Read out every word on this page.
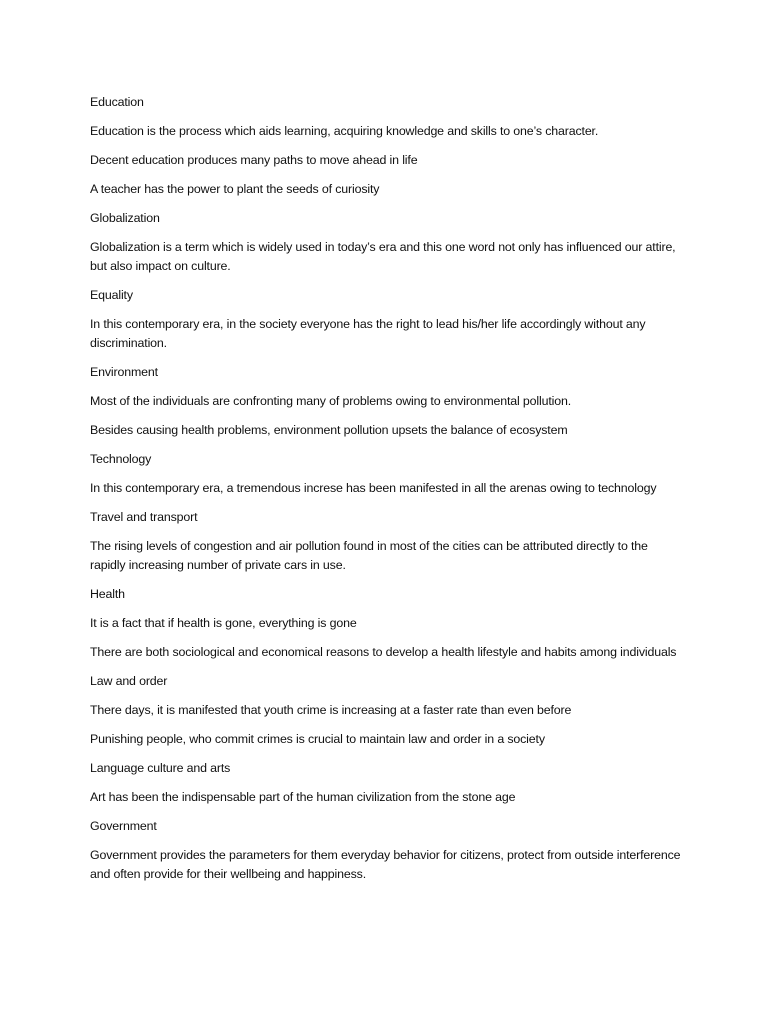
Education

Education is the process which aids learning, acquiring knowledge and skills to one’s character.

Decent education produces many paths to move ahead in life

A teacher has the power to plant the seeds of curiosity

Globalization

Globalization is a term which is widely used in today’s era and this one word not only has influenced our attire, but also impact on culture.

Equality

In this contemporary era, in the society everyone has the right to lead his/her life accordingly without any discrimination.

Environment

Most of the individuals are confronting many of problems owing to environmental pollution.

Besides causing health problems, environment pollution upsets the balance of ecosystem

Technology

In this contemporary era, a tremendous increse has been manifested in all the arenas owing to technology

Travel and transport

The rising levels of congestion and air pollution found in most of the cities can be attributed directly to the rapidly increasing number of private cars in use.

Health

It is a fact that if health is gone, everything is gone

There are both sociological and economical reasons to develop a health lifestyle and habits among individuals

Law and order

There days, it is manifested that youth crime is increasing at a faster rate than even before

Punishing people, who commit crimes is crucial to maintain law and order in a society

Language culture and arts

Art has been the indispensable part of the human civilization from the stone age

Government

Government provides the parameters for them everyday behavior for citizens, protect from outside interference and often provide for their wellbeing and happiness.
